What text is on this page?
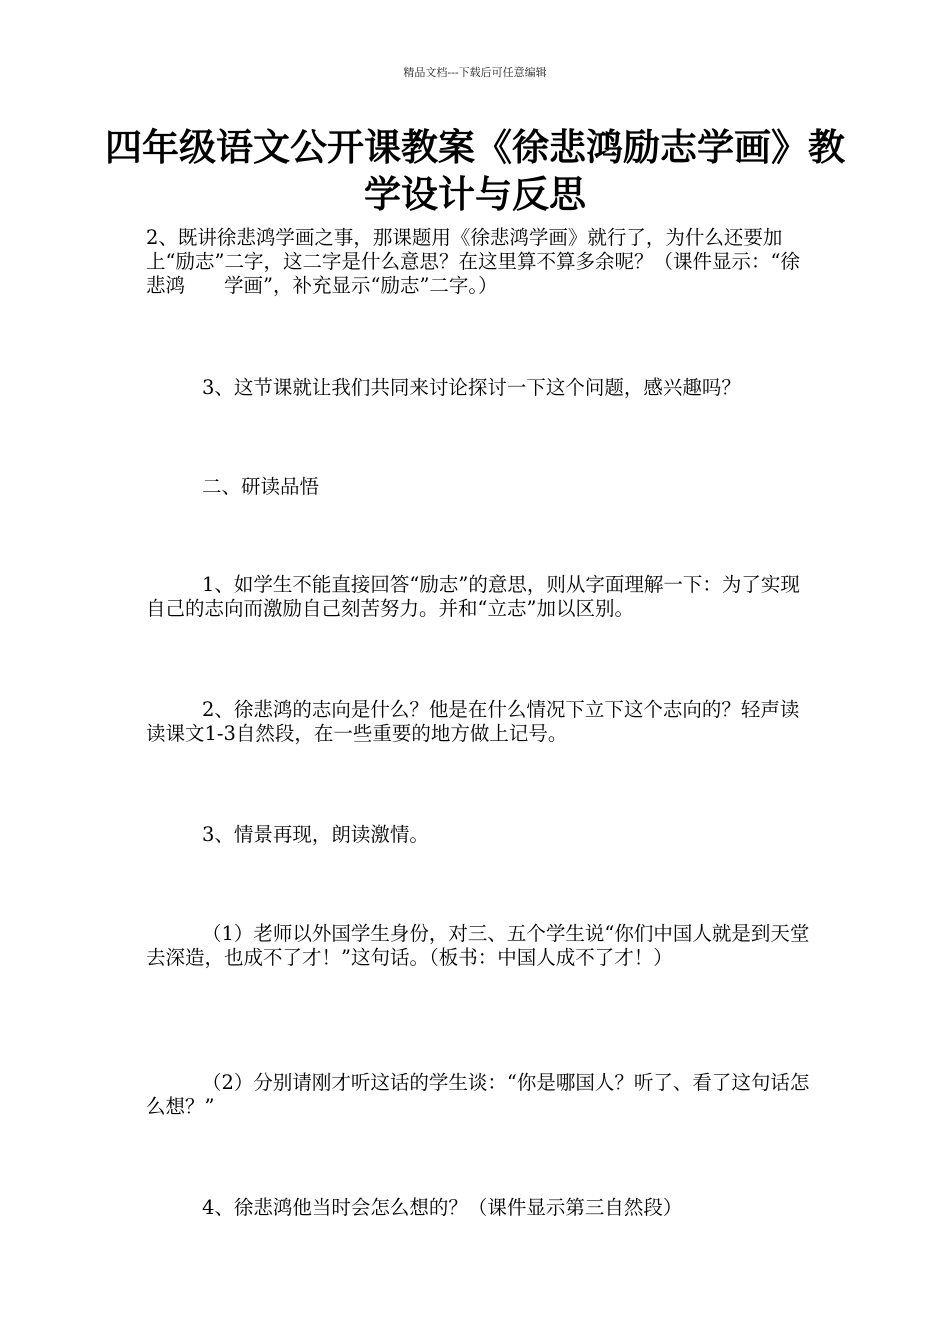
精品文档---下载后可任意编辑
四年级语文公开课教案《徐悲鸿励志学画》教学设计与反思

2、既讲徐悲鸿学画之事，那课题用《徐悲鸿学画》就行了，为什么还要加上“励志”二字，这二字是什么意思？在这里算不算多余呢？（课件显示：“徐悲鸿　　学画”，补充显示“励志”二字。）

3、这节课就让我们共同来讨论探讨一下这个问题，感兴趣吗？

二、研读品悟

1、如学生不能直接回答“励志”的意思，则从字面理解一下：为了实现自己的志向而激励自己刻苦努力。并和“立志”加以区别。

2、徐悲鸿的志向是什么？他是在什么情况下立下这个志向的？轻声读读课文1-3自然段，在一些重要的地方做上记号。

3、情景再现，朗读激情。

（1）老师以外国学生身份，对三、五个学生说“你们中国人就是到天堂去深造，也成不了才！”这句话。（板书：中国人成不了才！）

（2）分别请刚才听这话的学生谈：“你是哪国人？听了、看了这句话怎么想？”

4、徐悲鸿他当时会怎么想的？（课件显示第三自然段）
